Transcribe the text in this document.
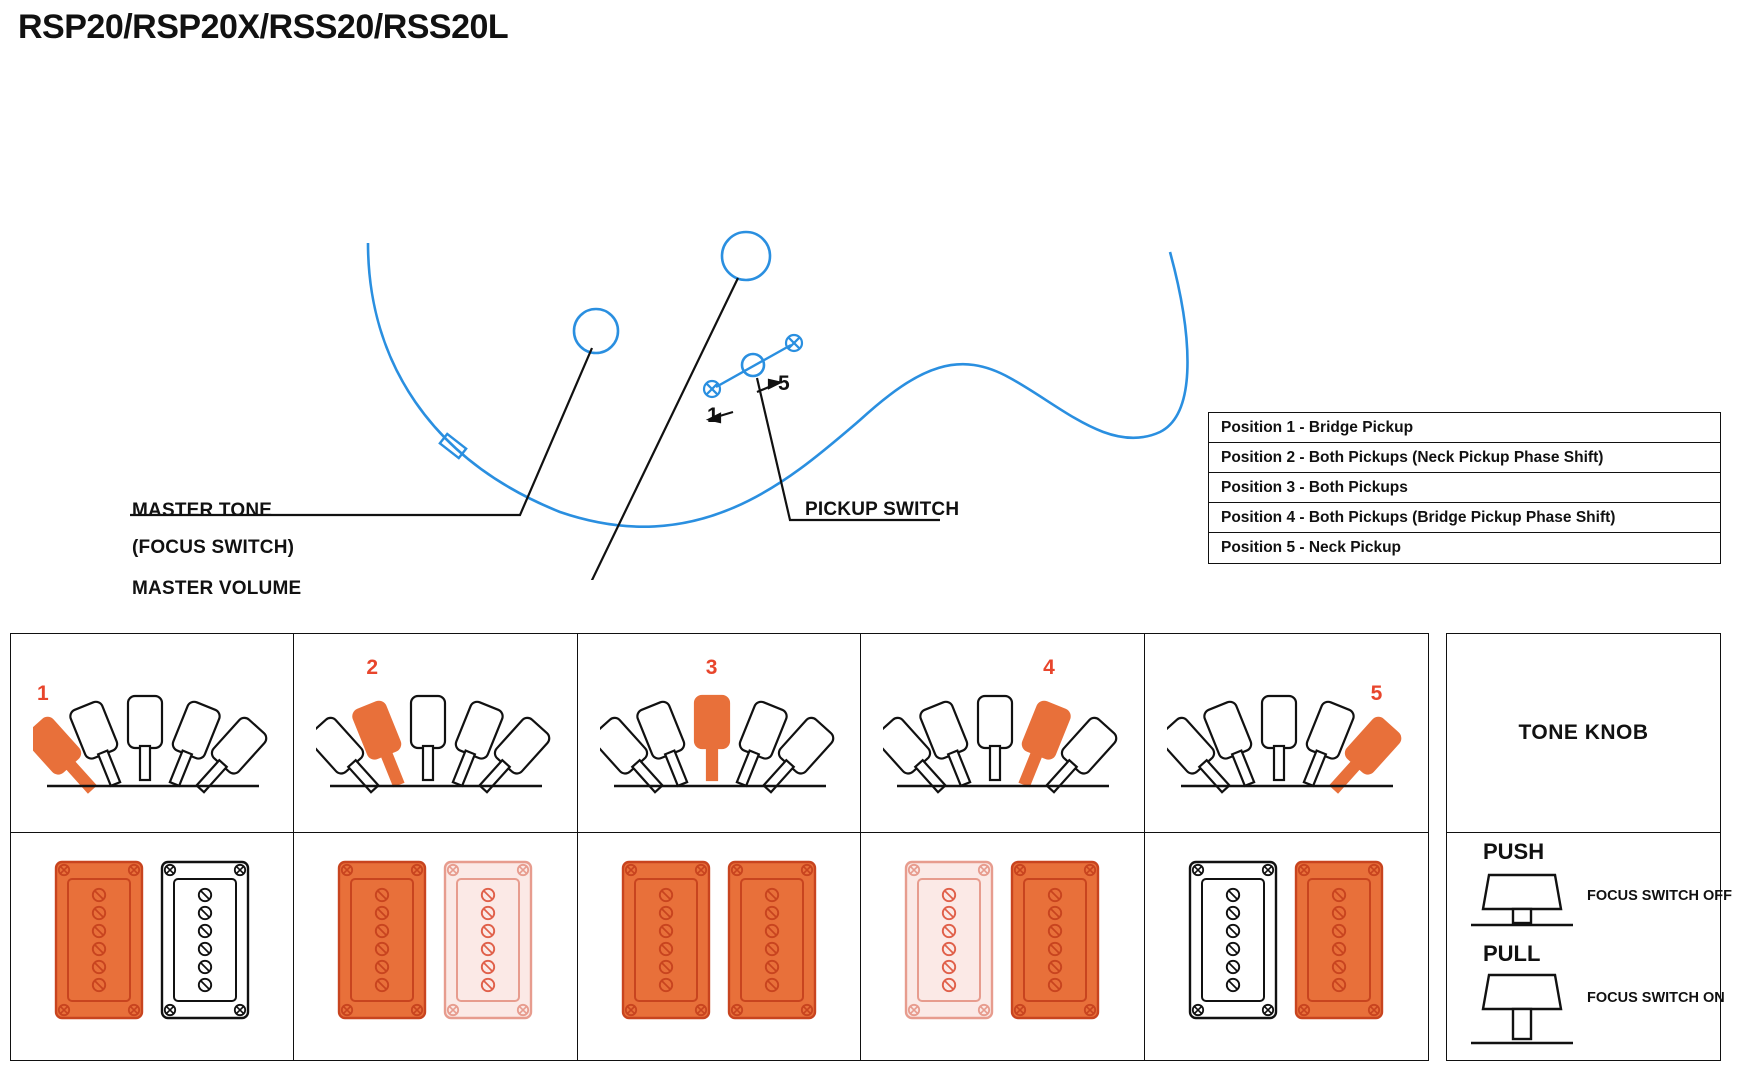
RSP20/RSP20X/RSS20/RSS20L
MASTER TONE
(FOCUS SWITCH)
MASTER VOLUME
PICKUP SWITCH
1
5
Position 1 - Bridge Pickup
Position 2 - Both Pickups (Neck Pickup Phase Shift)
Position 3 - Both Pickups
Position 4 - Both Pickups (Bridge Pickup Phase Shift)
Position 5 - Neck Pickup
1
2	3	4
5
TONE KNOB
PUSH
FOCUS SWITCH OFF
PULL
FOCUS SWITCH ON
